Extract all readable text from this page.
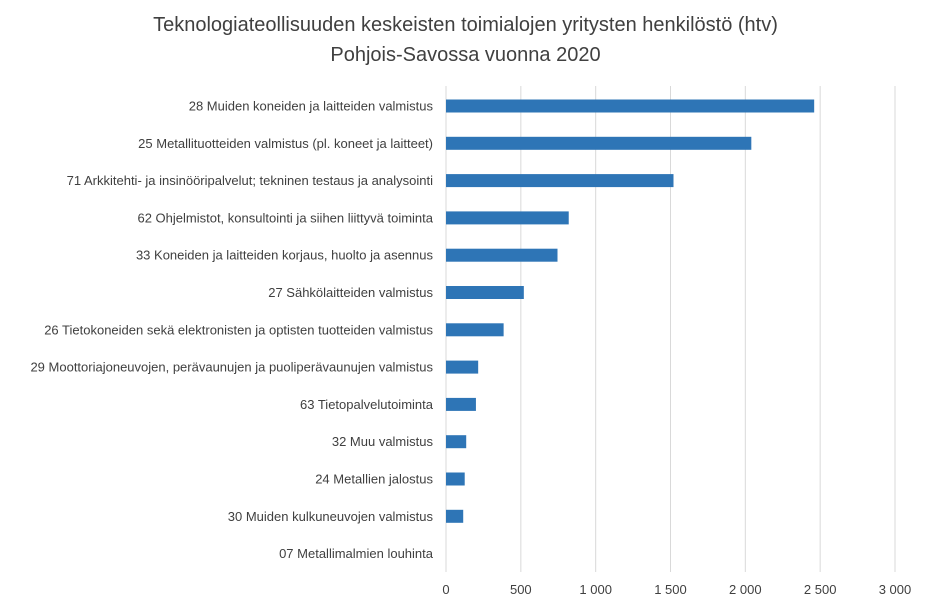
Teknologiateollisuuden keskeisten toimialojen yritysten henkilöstö (htv)
Pohjois-Savossa vuonna 2020
28 Muiden koneiden ja laitteiden valmistus
25 Metallituotteiden valmistus (pl. koneet ja laitteet)
71 Arkkitehti- ja insinööripalvelut; tekninen testaus ja analysointi
62 Ohjelmistot, konsultointi ja siihen liittyvä toiminta
33 Koneiden ja laitteiden korjaus, huolto ja asennus
27 Sähkölaitteiden valmistus
26 Tietokoneiden sekä elektronisten ja optisten tuotteiden valmistus
29 Moottoriajoneuvojen, perävaunujen ja puoliperävaunujen valmistus
63 Tietopalvelutoiminta
32 Muu valmistus
24 Metallien jalostus
30 Muiden kulkuneuvojen valmistus
07 Metallimalmien louhinta
0	500	1 000	1 500	2 000	2 500	3 000
